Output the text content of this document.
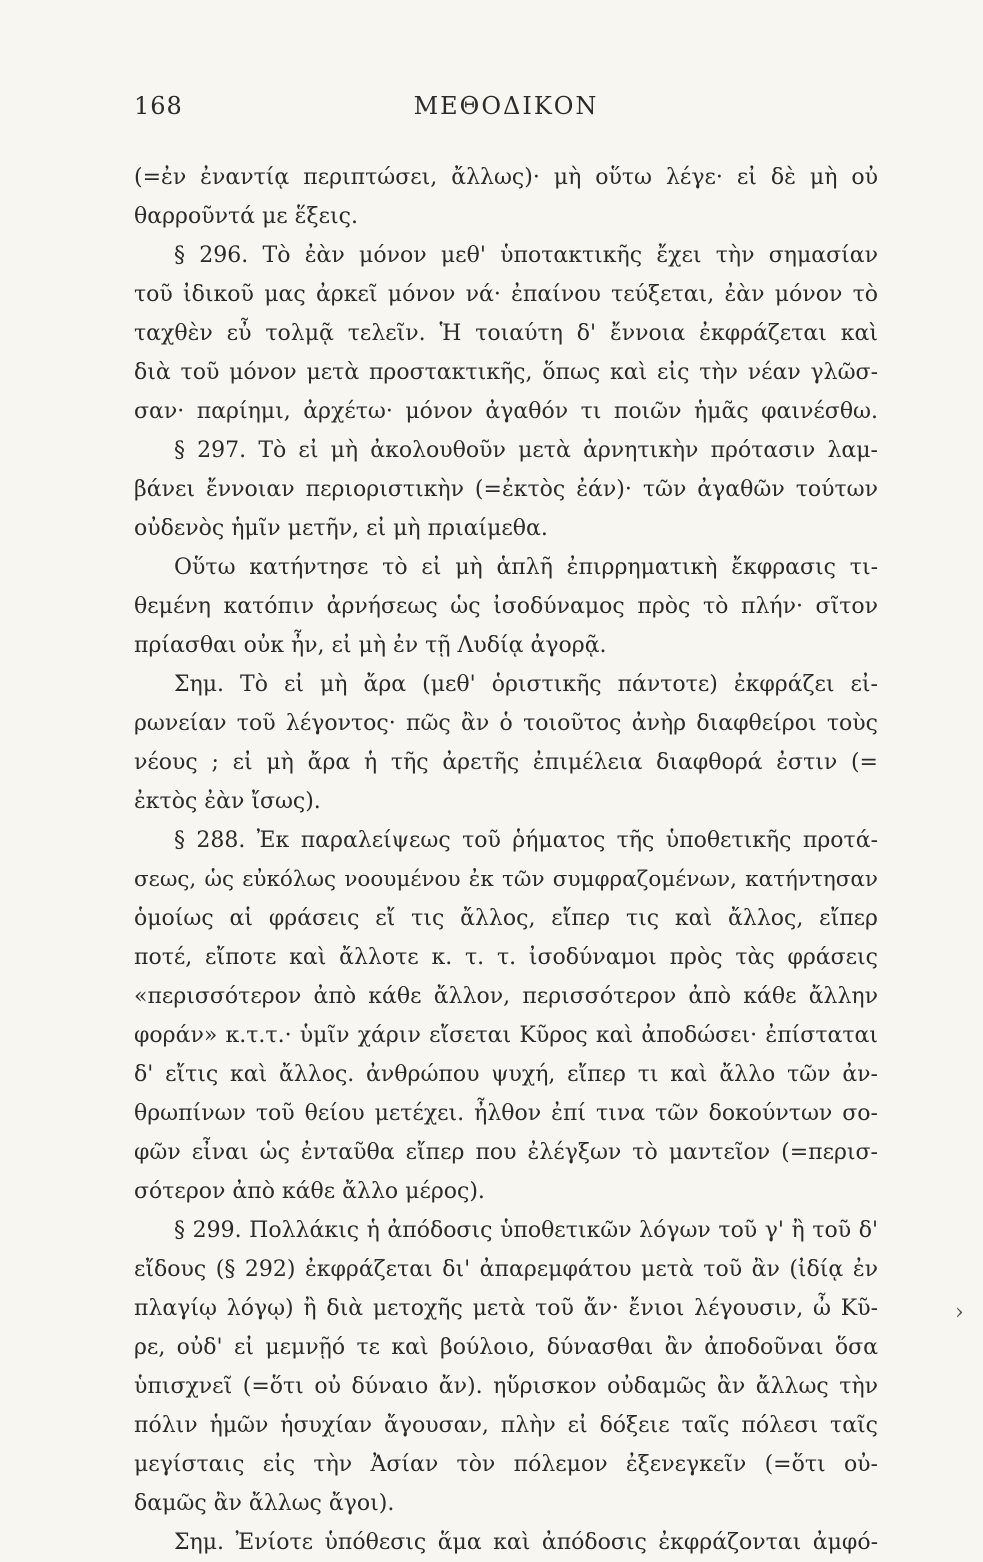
168	ΜΕΘΟΔΙΚΟΝ
(=ἐν ἐναντίᾳ περιπτώσει, ἄλλως)· μὴ οὕτω λέγε· εἰ δὲ μὴ οὐ
θαρροῦντά με ἕξεις.
§ 296. Τὸ ἐὰν μόνον μεθ' ὑποτακτικῆς ἔχει τὴν σημασίαν
τοῦ ἰδικοῦ μας ἀρκεῖ μόνον νά· ἐπαίνου τεύξεται, ἐὰν μόνον τὸ
ταχθὲν εὖ τολμᾷ τελεῖν. Ἡ τοιαύτη δ' ἔννοια ἐκφράζεται καὶ
διὰ τοῦ μόνον μετὰ προστακτικῆς, ὅπως καὶ εἰς τὴν νέαν γλῶσ-
σαν· παρίημι, ἀρχέτω· μόνον ἀγαθόν τι ποιῶν ἡμᾶς φαινέσθω.
§ 297. Τὸ εἰ μὴ ἀκολουθοῦν μετὰ ἀρνητικὴν πρότασιν λαμ-
βάνει ἔννοιαν περιοριστικὴν (=ἐκτὸς ἐάν)· τῶν ἀγαθῶν τούτων
οὐδενὸς ἡμῖν μετῆν, εἰ μὴ πριαίμεθα.
Οὕτω κατήντησε τὸ εἰ μὴ ἁπλῆ ἐπιρρηματικὴ ἔκφρασις τι-
θεμένη κατόπιν ἀρνήσεως ὡς ἰσοδύναμος πρὸς τὸ πλήν· σῖτον
πρίασθαι οὐκ ἦν, εἰ μὴ ἐν τῇ Λυδίᾳ ἀγορᾷ.
Σημ. Τὸ εἰ μὴ ἄρα (μεθ' ὁριστικῆς πάντοτε) ἐκφράζει εἰ-
ρωνείαν τοῦ λέγοντος· πῶς ἂν ὁ τοιοῦτος ἀνὴρ διαφθείροι τοὺς
νέους ; εἰ μὴ ἄρα ἡ τῆς ἀρετῆς ἐπιμέλεια διαφθορά ἐστιν (=
ἐκτὸς ἐὰν ἴσως).
§ 288. Ἐκ παραλείψεως τοῦ ῥήματος τῆς ὑποθετικῆς προτά-
σεως, ὡς εὐκόλως νοουμένου ἐκ τῶν συμφραζομένων, κατήντησαν
ὁμοίως αἱ φράσεις εἴ τις ἄλλος, εἴπερ τις καὶ ἄλλος, εἴπερ
ποτέ, εἴποτε καὶ ἄλλοτε κ. τ. τ. ἰσοδύναμοι πρὸς τὰς φράσεις
«περισσότερον ἀπὸ κάθε ἄλλον, περισσότερον ἀπὸ κάθε ἄλλην
φοράν» κ.τ.τ.· ὑμῖν χάριν εἴσεται Κῦρος καὶ ἀποδώσει· ἐπίσταται
δ' εἴτις καὶ ἄλλος. ἀνθρώπου ψυχή, εἴπερ τι καὶ ἄλλο τῶν ἀν-
θρωπίνων τοῦ θείου μετέχει. ἦλθον ἐπί τινα τῶν δοκούντων σο-
φῶν εἶναι ὡς ἐνταῦθα εἴπερ που ἐλέγξων τὸ μαντεῖον (=περισ-
σότερον ἀπὸ κάθε ἄλλο μέρος).
§ 299. Πολλάκις ἡ ἀπόδοσις ὑποθετικῶν λόγων τοῦ γ' ἢ τοῦ δ'
εἴδους (§ 292) ἐκφράζεται δι' ἀπαρεμφάτου μετὰ τοῦ ἂν (ἰδίᾳ ἐν
πλαγίῳ λόγῳ) ἢ διὰ μετοχῆς μετὰ τοῦ ἄν· ἔνιοι λέγουσιν, ὦ Κῦ-
ρε, οὐδ' εἰ μεμνῇό τε καὶ βούλοιο, δύνασθαι ἂν ἀποδοῦναι ὅσα
ὑπισχνεῖ (=ὅτι οὐ δύναιο ἄν). ηὕρισκον οὐδαμῶς ἂν ἄλλως τὴν
πόλιν ἡμῶν ἡσυχίαν ἄγουσαν, πλὴν εἰ δόξειε ταῖς πόλεσι ταῖς
μεγίσταις εἰς τὴν Ἀσίαν τὸν πόλεμον ἐξενεγκεῖν (=ὅτι οὐ-
δαμῶς ἂν ἄλλως ἄγοι).
Σημ. Ἐνίοτε ὑπόθεσις ἅμα καὶ ἀπόδοσις ἐκφράζονται ἀμφό-
›
